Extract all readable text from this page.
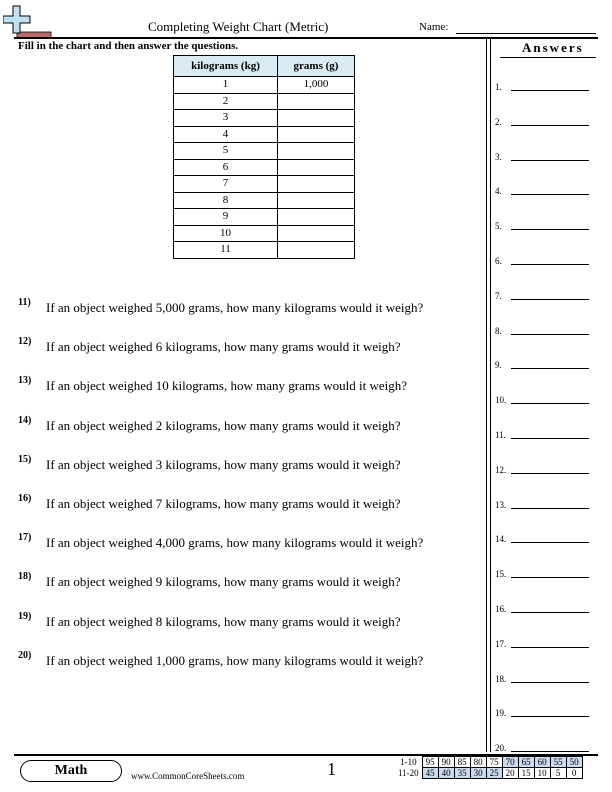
Completing Weight Chart (Metric)	Name:
Fill in the chart and then answer the questions.
kilograms (kg)	grams (g)
1	1,000
2	
3	
4	
5	
6	
7	
8	
9	
10	
11	
11) If an object weighed 5,000 grams, how many kilograms would it weigh?
12) If an object weighed 6 kilograms, how many grams would it weigh?
13) If an object weighed 10 kilograms, how many grams would it weigh?
14) If an object weighed 2 kilograms, how many grams would it weigh?
15) If an object weighed 3 kilograms, how many grams would it weigh?
16) If an object weighed 7 kilograms, how many grams would it weigh?
17) If an object weighed 4,000 grams, how many kilograms would it weigh?
18) If an object weighed 9 kilograms, how many grams would it weigh?
19) If an object weighed 8 kilograms, how many grams would it weigh?
20) If an object weighed 1,000 grams, how many kilograms would it weigh?
Answers
1.
2.
3.
4.
5.
6.
7.
8.
9.
10.
11.
12.
13.
14.
15.
16.
17.
18.
19.
20.
Math	www.CommonCoreSheets.com	1	1-10	95	90	85	80	75	70	65	60	55	50
11-20	45	40	35	30	25	20	15	10	5	0
